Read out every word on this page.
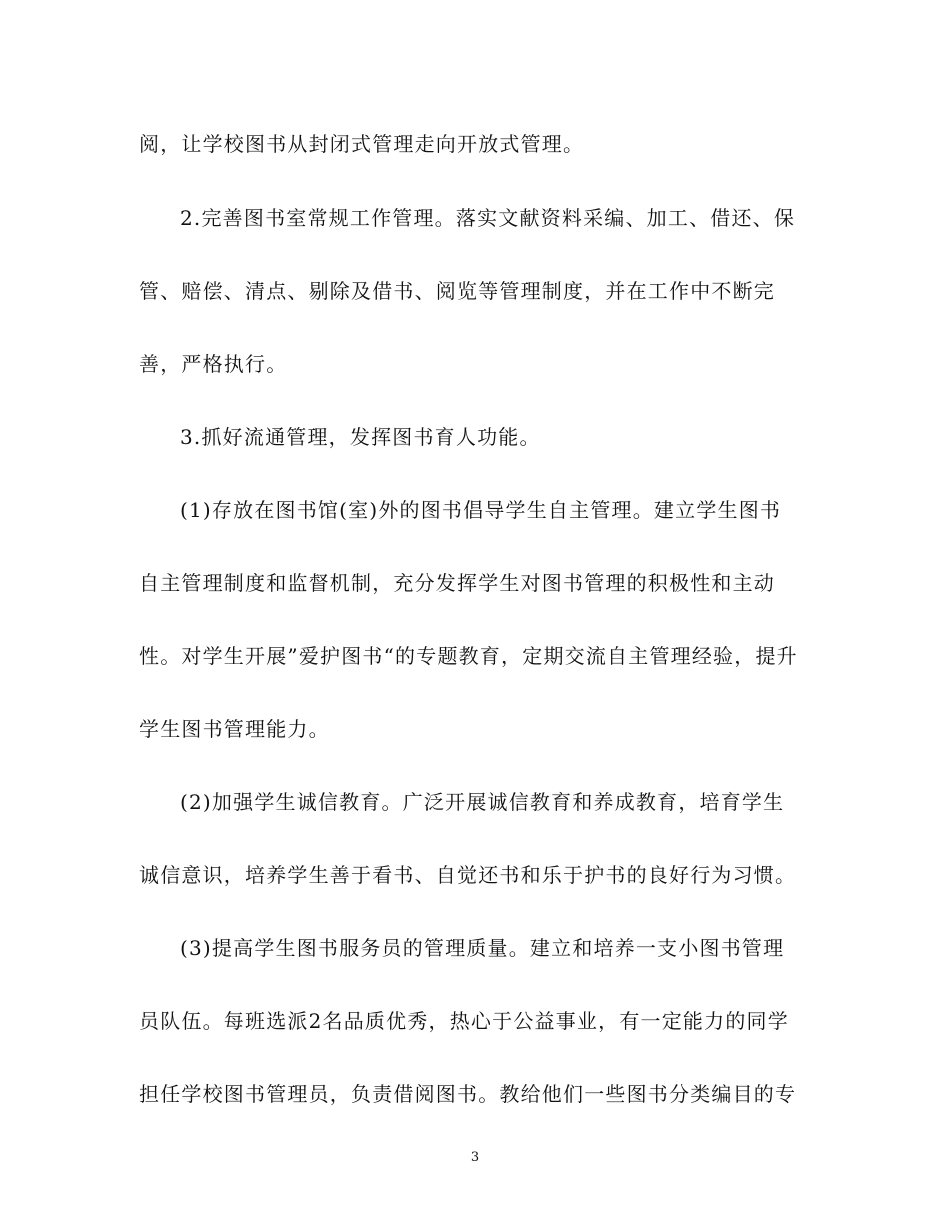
阅，让学校图书从封闭式管理走向开放式管理。
2.完善图书室常规工作管理。落实文献资料采编、加工、借还、保
管、赔偿、清点、剔除及借书、阅览等管理制度，并在工作中不断完
善，严格执行。
3.抓好流通管理，发挥图书育人功能。
(1)存放在图书馆(室)外的图书倡导学生自主管理。建立学生图书
自主管理制度和监督机制，充分发挥学生对图书管理的积极性和主动
性。对学生开展”爱护图书“的专题教育，定期交流自主管理经验，提升
学生图书管理能力。
(2)加强学生诚信教育。广泛开展诚信教育和养成教育，培育学生
诚信意识，培养学生善于看书、自觉还书和乐于护书的良好行为习惯。
(3)提高学生图书服务员的管理质量。建立和培养一支小图书管理
员队伍。每班选派2名品质优秀，热心于公益事业，有一定能力的同学
担任学校图书管理员，负责借阅图书。教给他们一些图书分类编目的专
3
